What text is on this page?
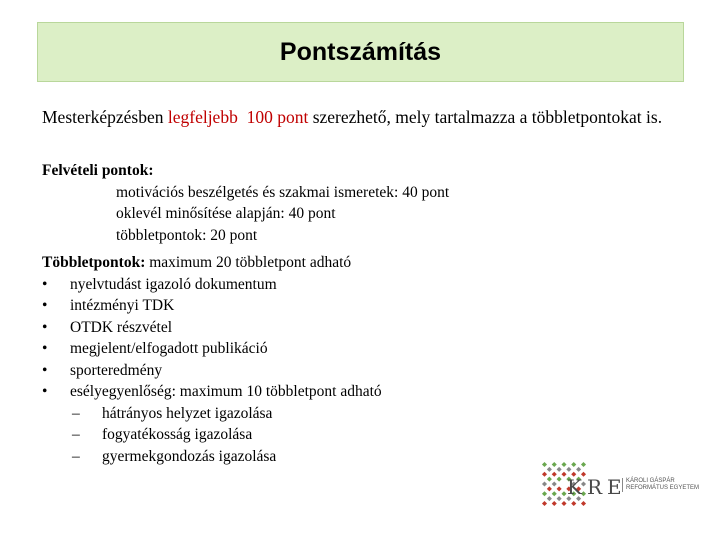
Pontszámítás
Mesterképzésben legfeljebb 100 pont szerezhető, mely tartalmazza a többletpontokat is.
Felvételi pontok:
motivációs beszélgetés és szakmai ismeretek: 40 pont
oklevél minősítése alapján: 40 pont
többletpontok: 20 pont
Többletpontok: maximum 20 többletpont adható
•	nyelvtudást igazoló dokumentum
•	intézményi TDK
•	OTDK részvétel
•	megjelent/elfogadott publikáció
•	sporteredmény
•	esélyegyenlőség: maximum 10 többletpont adható
–	hátrányos helyzet igazolása
–	fogyatékosság igazolása
–	gyermekgondozás igazolása
KRE KÁROLI GÁSPÁR
REFORMÁTUS EGYETEM
